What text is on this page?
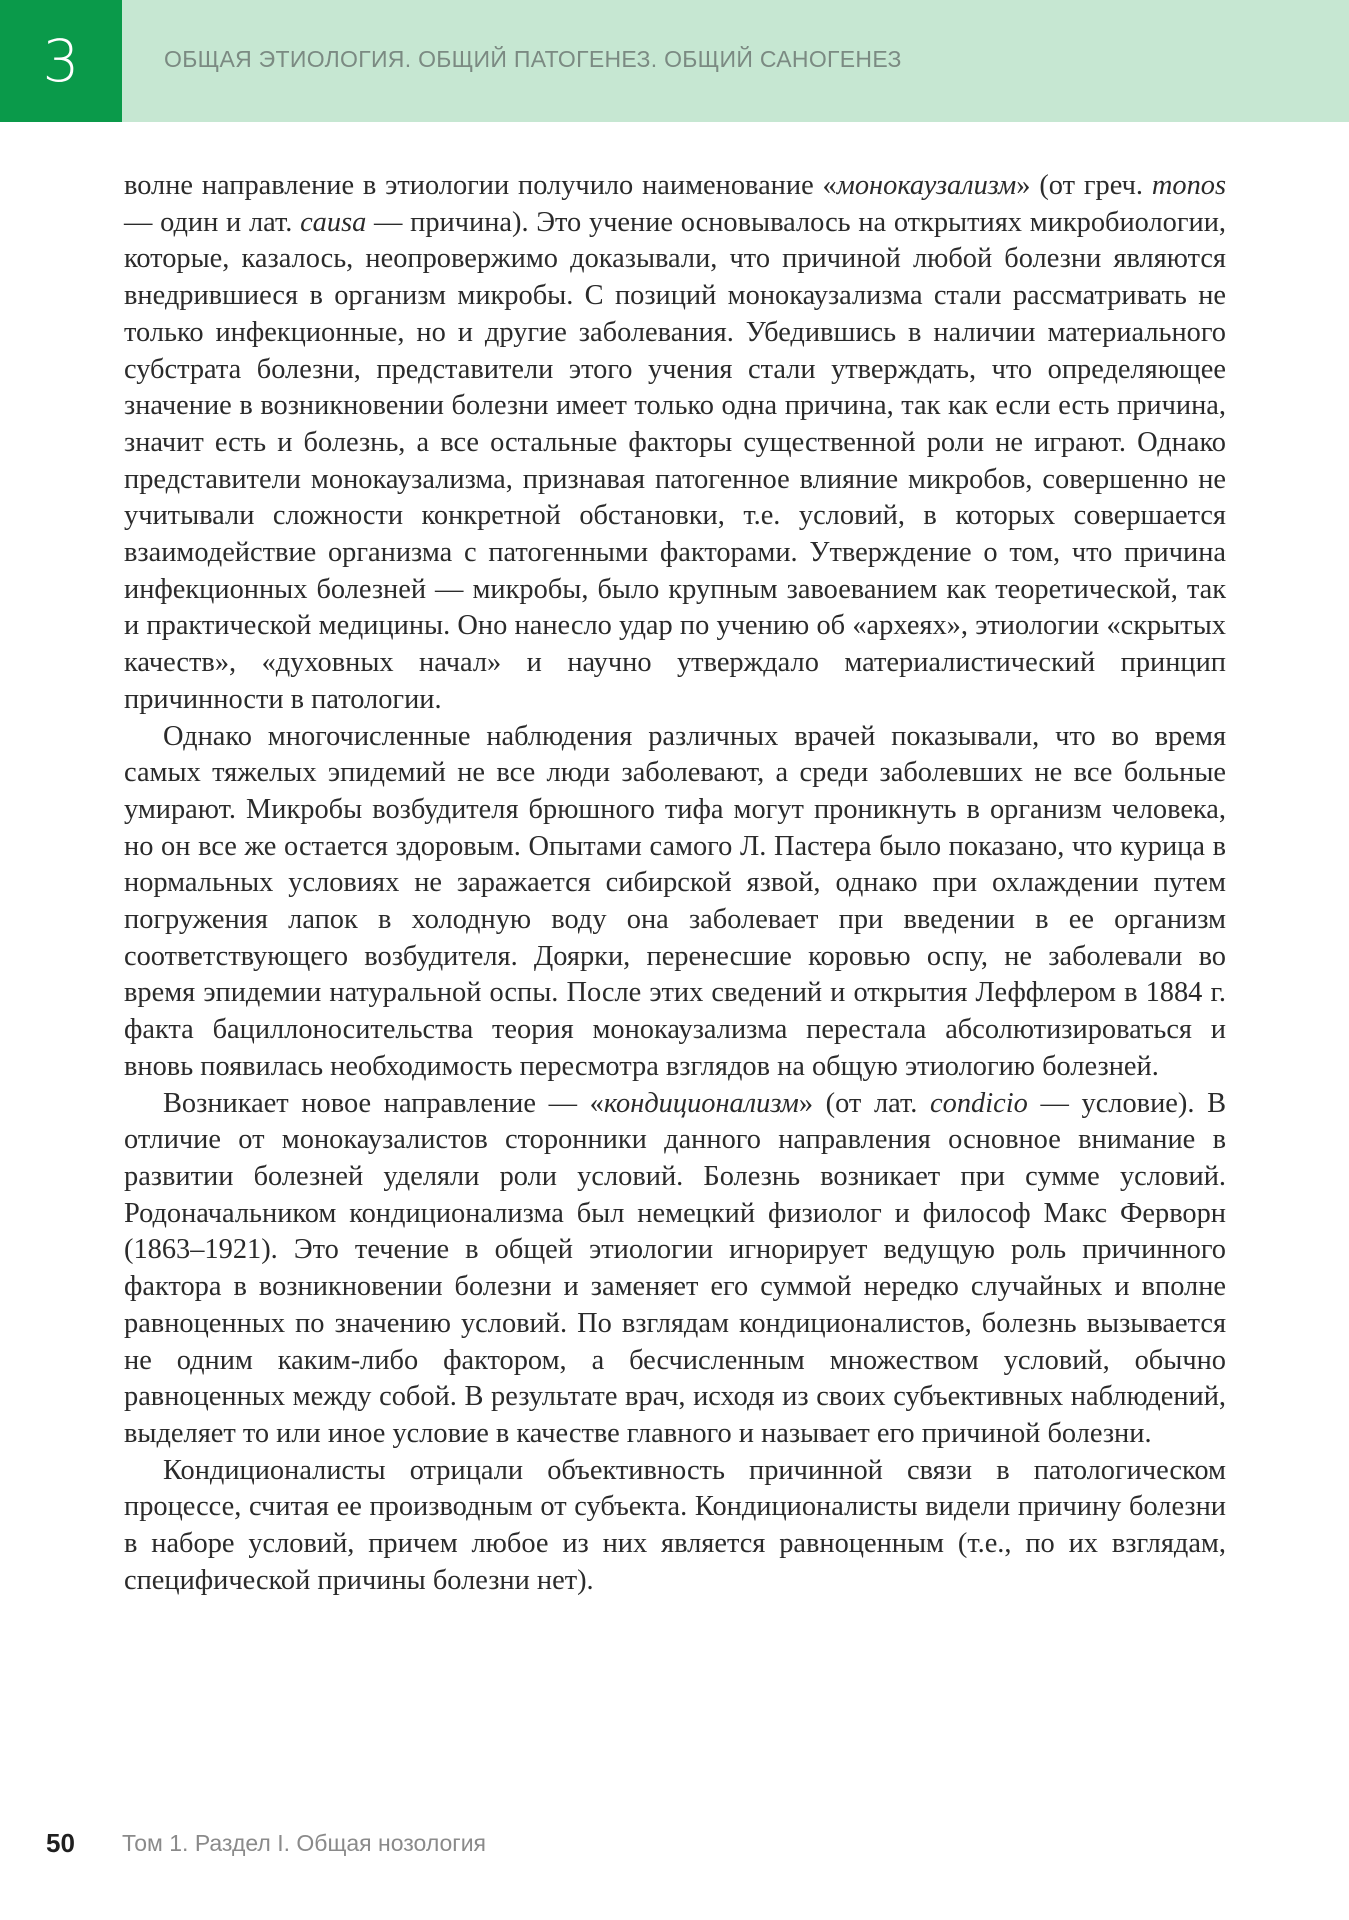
3	ОБЩАЯ ЭТИОЛОГИЯ. ОБЩИЙ ПАТОГЕНЕЗ. ОБЩИЙ САНОГЕНЕЗ

волне направление в этиологии получило наименование «монокаузализм» (от греч. monos — один и лат. causa — причина). Это учение основывалось на открытиях микробиологии, которые, казалось, неопровержимо доказывали, что причиной любой болезни являются внедрившиеся в организм микробы. С позиций монокаузализма стали рассматривать не только инфекционные, но и другие заболевания. Убедившись в наличии материального субстрата болезни, представители этого учения стали утверждать, что определяющее значение в возникновении болезни имеет только одна причина, так как если есть причина, значит есть и болезнь, а все остальные факторы существенной роли не играют. Однако представители монокаузализма, признавая патогенное влияние микробов, совершенно не учитывали сложности конкретной обстановки, т.е. условий, в которых совершается взаимодействие организма с патогенными факторами. Утверждение о том, что причина инфекционных болезней — микробы, было крупным завоеванием как теоретической, так и практической медицины. Оно нанесло удар по учению об «археях», этиологии «скрытых качеств», «духовных начал» и научно утверждало материалистический принцип причинности в патологии.

Однако многочисленные наблюдения различных врачей показывали, что во время самых тяжелых эпидемий не все люди заболевают, а среди заболевших не все больные умирают. Микробы возбудителя брюшного тифа могут проникнуть в организм человека, но он все же остается здоровым. Опытами самого Л. Пастера было показано, что курица в нормальных условиях не заражается сибирской язвой, однако при охлаждении путем погружения лапок в холодную воду она заболевает при введении в ее организм соответствующего возбудителя. Доярки, перенесшие коровью оспу, не заболевали во время эпидемии натуральной оспы. После этих сведений и открытия Леффлером в 1884 г. факта бациллоносительства теория монокаузализма перестала абсолютизироваться и вновь появилась необходимость пересмотра взглядов на общую этиологию болезней.

Возникает новое направление — «кондиционализм» (от лат. condicio — условие). В отличие от монокаузалистов сторонники данного направления основное внимание в развитии болезней уделяли роли условий. Болезнь возникает при сумме условий. Родоначальником кондиционализма был немецкий физиолог и философ Макс Ферворн (1863–1921). Это течение в общей этиологии игнорирует ведущую роль причинного фактора в возникновении болезни и заменяет его суммой нередко случайных и вполне равноценных по значению условий. По взглядам кондиционалистов, болезнь вызывается не одним каким-либо фактором, а бесчисленным множеством условий, обычно равноценных между собой. В результате врач, исходя из своих субъективных наблюдений, выделяет то или иное условие в качестве главного и называет его причиной болезни.

Кондиционалисты отрицали объективность причинной связи в патологическом процессе, считая ее производным от субъекта. Кондиционалисты видели причину болезни в наборе условий, причем любое из них является равноценным (т.е., по их взглядам, специфической причины болезни нет).

50 Том 1. Раздел I. Общая нозология
